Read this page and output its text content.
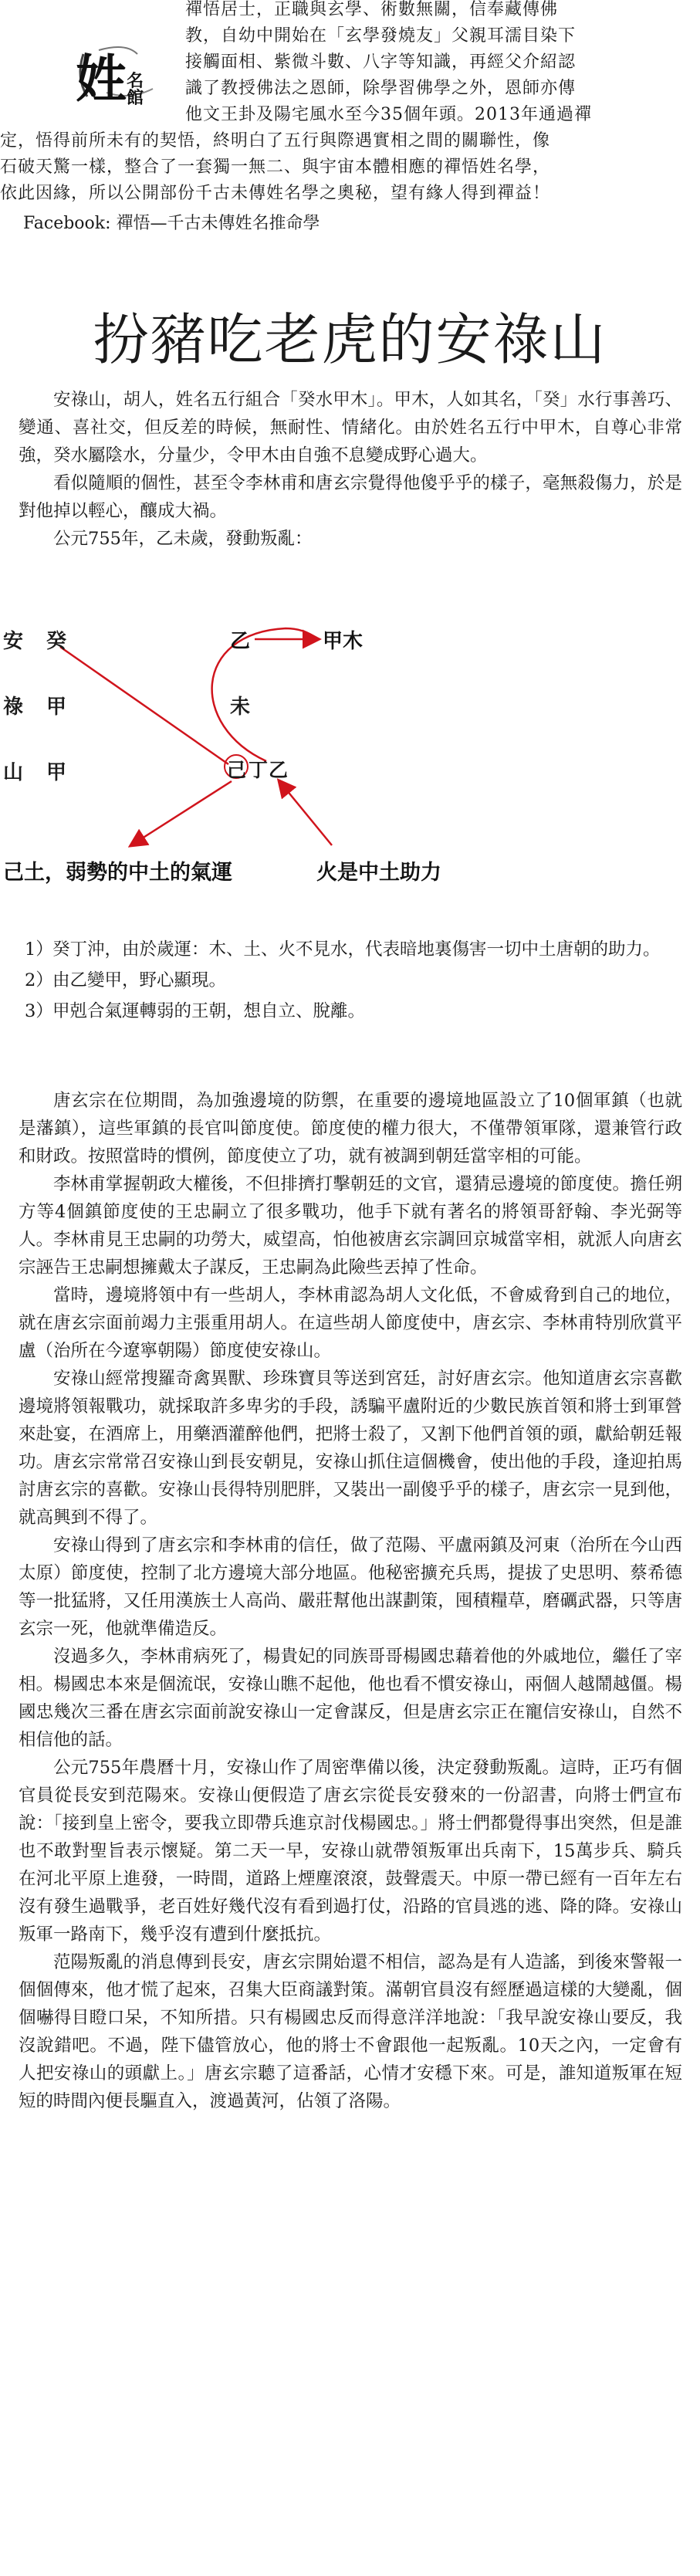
姓 名
館
禪悟居士，正職與玄學、術數無關，信奉藏傳佛
教，自幼中開始在「玄學發燒友」父親耳濡目染下
接觸面相、紫微斗數、八字等知識，再經父介紹認
識了教授佛法之恩師，除學習佛學之外，恩師亦傳
他文王卦及陽宅風水至今35個年頭。2013年通過禪
定，悟得前所未有的契悟，終明白了五行與際遇實相之間的關聯性，像
石破天驚一樣，整合了一套獨一無二、與宇宙本體相應的禪悟姓名學，
依此因緣，所以公開部份千古未傳姓名學之奧秘，望有緣人得到禪益！
Facebook: 禪悟—千古未傳姓名推命學
扮豬吃老虎的安祿山

安祿山，胡人，姓名五行組合「癸水甲木」。甲木，人如其名，「癸」水行事善巧、變通、喜社交，但反差的時候，無耐性、情緒化。由於姓名五行中甲木，自尊心非常強，癸水屬陰水，分量少，令甲木由自強不息變成野心過大。

看似隨順的個性，甚至令李林甫和唐玄宗覺得他傻乎乎的樣子，毫無殺傷力，於是對他掉以輕心，釀成大禍。

公元755年，乙未歲，發動叛亂：

安 癸
祿 甲
山 甲
乙	甲木
未
己 丁 乙
己土，弱勢的中土的氣運	火是中土助力
1） 癸丁沖，由於歲運：木、土、火不見水，代表暗地裏傷害一切中土唐朝的助力。
2） 由乙變甲，野心顯現。
3） 甲剋合氣運轉弱的王朝，想自立、脫離。

唐玄宗在位期間，為加強邊境的防禦，在重要的邊境地區設立了10個軍鎮（也就是藩鎮），這些軍鎮的長官叫節度使。節度使的權力很大，不僅帶領軍隊，還兼管行政和財政。按照當時的慣例，節度使立了功，就有被調到朝廷當宰相的可能。

李林甫掌握朝政大權後，不但排擠打擊朝廷的文官，還猜忌邊境的節度使。擔任朔方等4個鎮節度使的王忠嗣立了很多戰功，他手下就有著名的將領哥舒翰、李光弼等人。李林甫見王忠嗣的功勞大，威望高，怕他被唐玄宗調回京城當宰相，就派人向唐玄宗誣告王忠嗣想擁戴太子謀反，王忠嗣為此險些丟掉了性命。

當時，邊境將領中有一些胡人，李林甫認為胡人文化低，不會威脅到自己的地位，就在唐玄宗面前竭力主張重用胡人。在這些胡人節度使中，唐玄宗、李林甫特別欣賞平盧（治所在今遼寧朝陽）節度使安祿山。

安祿山經常搜羅奇禽異獸、珍珠寶貝等送到宮廷，討好唐玄宗。他知道唐玄宗喜歡邊境將領報戰功，就採取許多卑劣的手段，誘騙平盧附近的少數民族首領和將士到軍營來赴宴，在酒席上，用藥酒灌醉他們，把將士殺了，又割下他們首領的頭，獻給朝廷報功。唐玄宗常常召安祿山到長安朝見，安祿山抓住這個機會，使出他的手段，逢迎拍馬討唐玄宗的喜歡。安祿山長得特別肥胖，又裝出一副傻乎乎的樣子，唐玄宗一見到他，就高興到不得了。

安祿山得到了唐玄宗和李林甫的信任，做了范陽、平盧兩鎮及河東（治所在今山西太原）節度使，控制了北方邊境大部分地區。他秘密擴充兵馬，提拔了史思明、蔡希德等一批猛將，又任用漢族士人高尚、嚴莊幫他出謀劃策，囤積糧草，磨礪武器，只等唐玄宗一死，他就準備造反。

沒過多久，李林甫病死了，楊貴妃的同族哥哥楊國忠藉着他的外戚地位，繼任了宰相。楊國忠本來是個流氓，安祿山瞧不起他，他也看不慣安祿山，兩個人越鬧越僵。楊國忠幾次三番在唐玄宗面前說安祿山一定會謀反，但是唐玄宗正在寵信安祿山，自然不相信他的話。

公元755年農曆十月，安祿山作了周密準備以後，決定發動叛亂。這時，正巧有個官員從長安到范陽來。安祿山便假造了唐玄宗從長安發來的一份詔書，向將士們宣布說：「接到皇上密令，要我立即帶兵進京討伐楊國忠。」將士們都覺得事出突然，但是誰也不敢對聖旨表示懷疑。第二天一早，安祿山就帶領叛軍出兵南下，15萬步兵、騎兵在河北平原上進發，一時間，道路上煙塵滾滾，鼓聲震天。中原一帶已經有一百年左右沒有發生過戰爭，老百姓好幾代沒有看到過打仗，沿路的官員逃的逃、降的降。安祿山叛軍一路南下，幾乎沒有遭到什麼抵抗。

范陽叛亂的消息傳到長安，唐玄宗開始還不相信，認為是有人造謠，到後來警報一個個傳來，他才慌了起來，召集大臣商議對策。滿朝官員沒有經歷過這樣的大變亂，個個嚇得目瞪口呆，不知所措。只有楊國忠反而得意洋洋地說：「我早說安祿山要反，我沒說錯吧。不過，陛下儘管放心，他的將士不會跟他一起叛亂。10天之內，一定會有人把安祿山的頭獻上。」唐玄宗聽了這番話，心情才安穩下來。可是，誰知道叛軍在短短的時間內便長驅直入，渡過黃河，佔領了洛陽。
